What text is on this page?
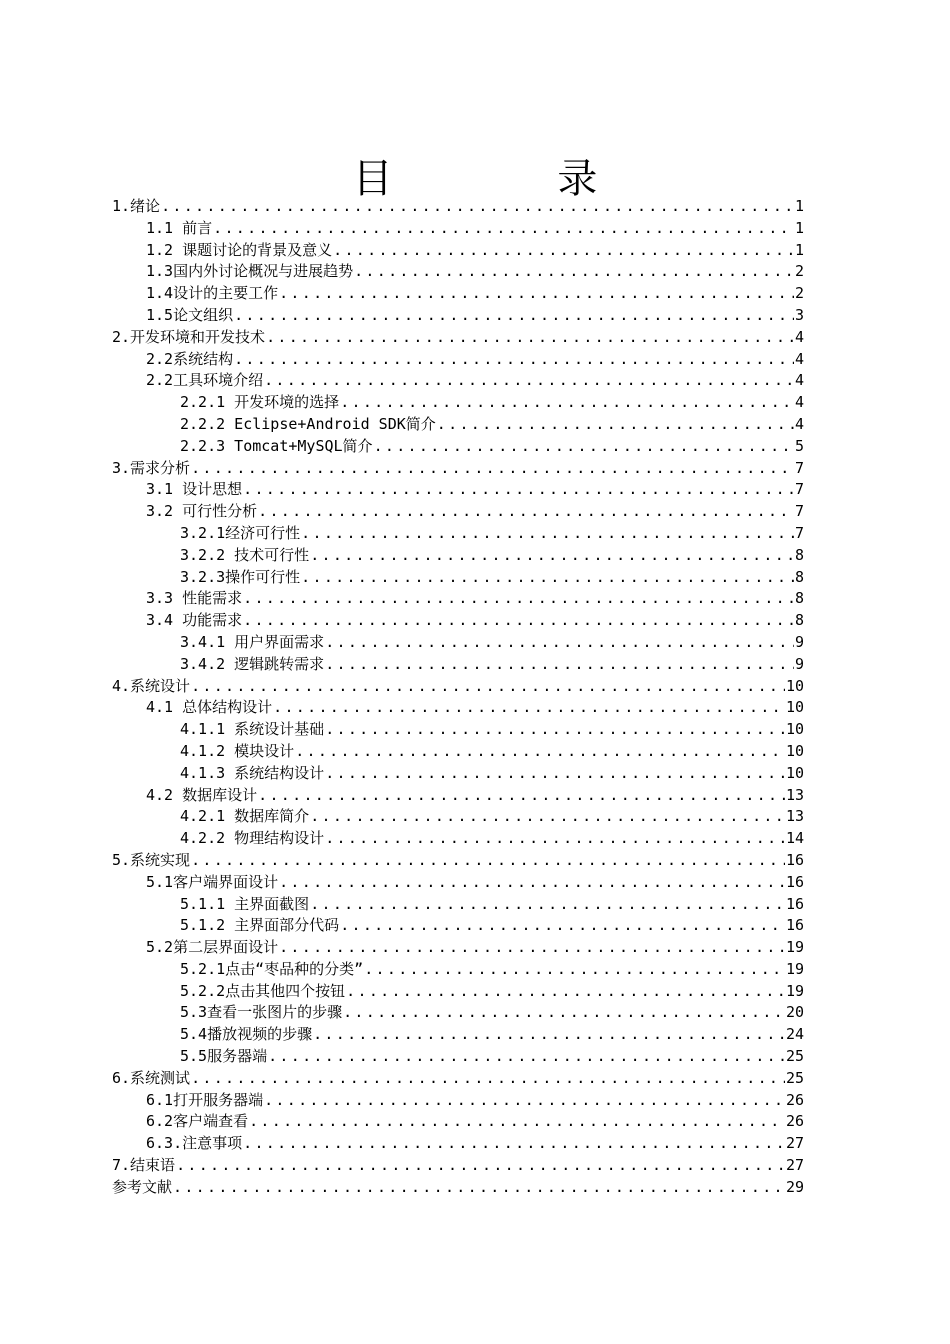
目 录
1.绪论 .....	1
1.1 前言 .....	1
1.2 课题讨论的背景及意义 .....	1
1.3国内外讨论概况与进展趋势 .....	2
1.4设计的主要工作 .....	2
1.5论文组织 .....	3
2.开发环境和开发技术 .....	4
2.2系统结构 .....	4
2.2工具环境介绍 .....	4
2.2.1 开发环境的选择 .....	4
2.2.2 Eclipse+Android SDK简介 .....	4
2.2.3 Tomcat+MySQL简介 .....	5
3.需求分析 .....	7
3.1 设计思想 .....	7
3.2 可行性分析 .....	7
3.2.1经济可行性 .....	7
3.2.2 技术可行性 .....	8
3.2.3操作可行性 .....	8
3.3 性能需求 .....	8
3.4 功能需求 .....	8
3.4.1 用户界面需求 .....	9
3.4.2 逻辑跳转需求 .....	9
4.系统设计 .....	10
4.1 总体结构设计 .....	10
4.1.1 系统设计基础 .....	10
4.1.2 模块设计 .....	10
4.1.3 系统结构设计 .....	10
4.2 数据库设计 .....	13
4.2.1 数据库简介 .....	13
4.2.2 物理结构设计 .....	14
5.系统实现 .....	16
5.1客户端界面设计 .....	16
5.1.1 主界面截图 .....	16
5.1.2 主界面部分代码 .....	16
5.2第二层界面设计 .....	19
5.2.1点击“枣品种的分类” .....	19
5.2.2点击其他四个按钮 .....	19
5.3查看一张图片的步骤 .....	20
5.4播放视频的步骤 .....	24
5.5服务器端 .....	25
6.系统测试 .....	25
6.1打开服务器端 .....	26
6.2客户端查看 .....	26
6.3.注意事项 .....	27
7.结束语 .....	27
参考文献 .....	29
